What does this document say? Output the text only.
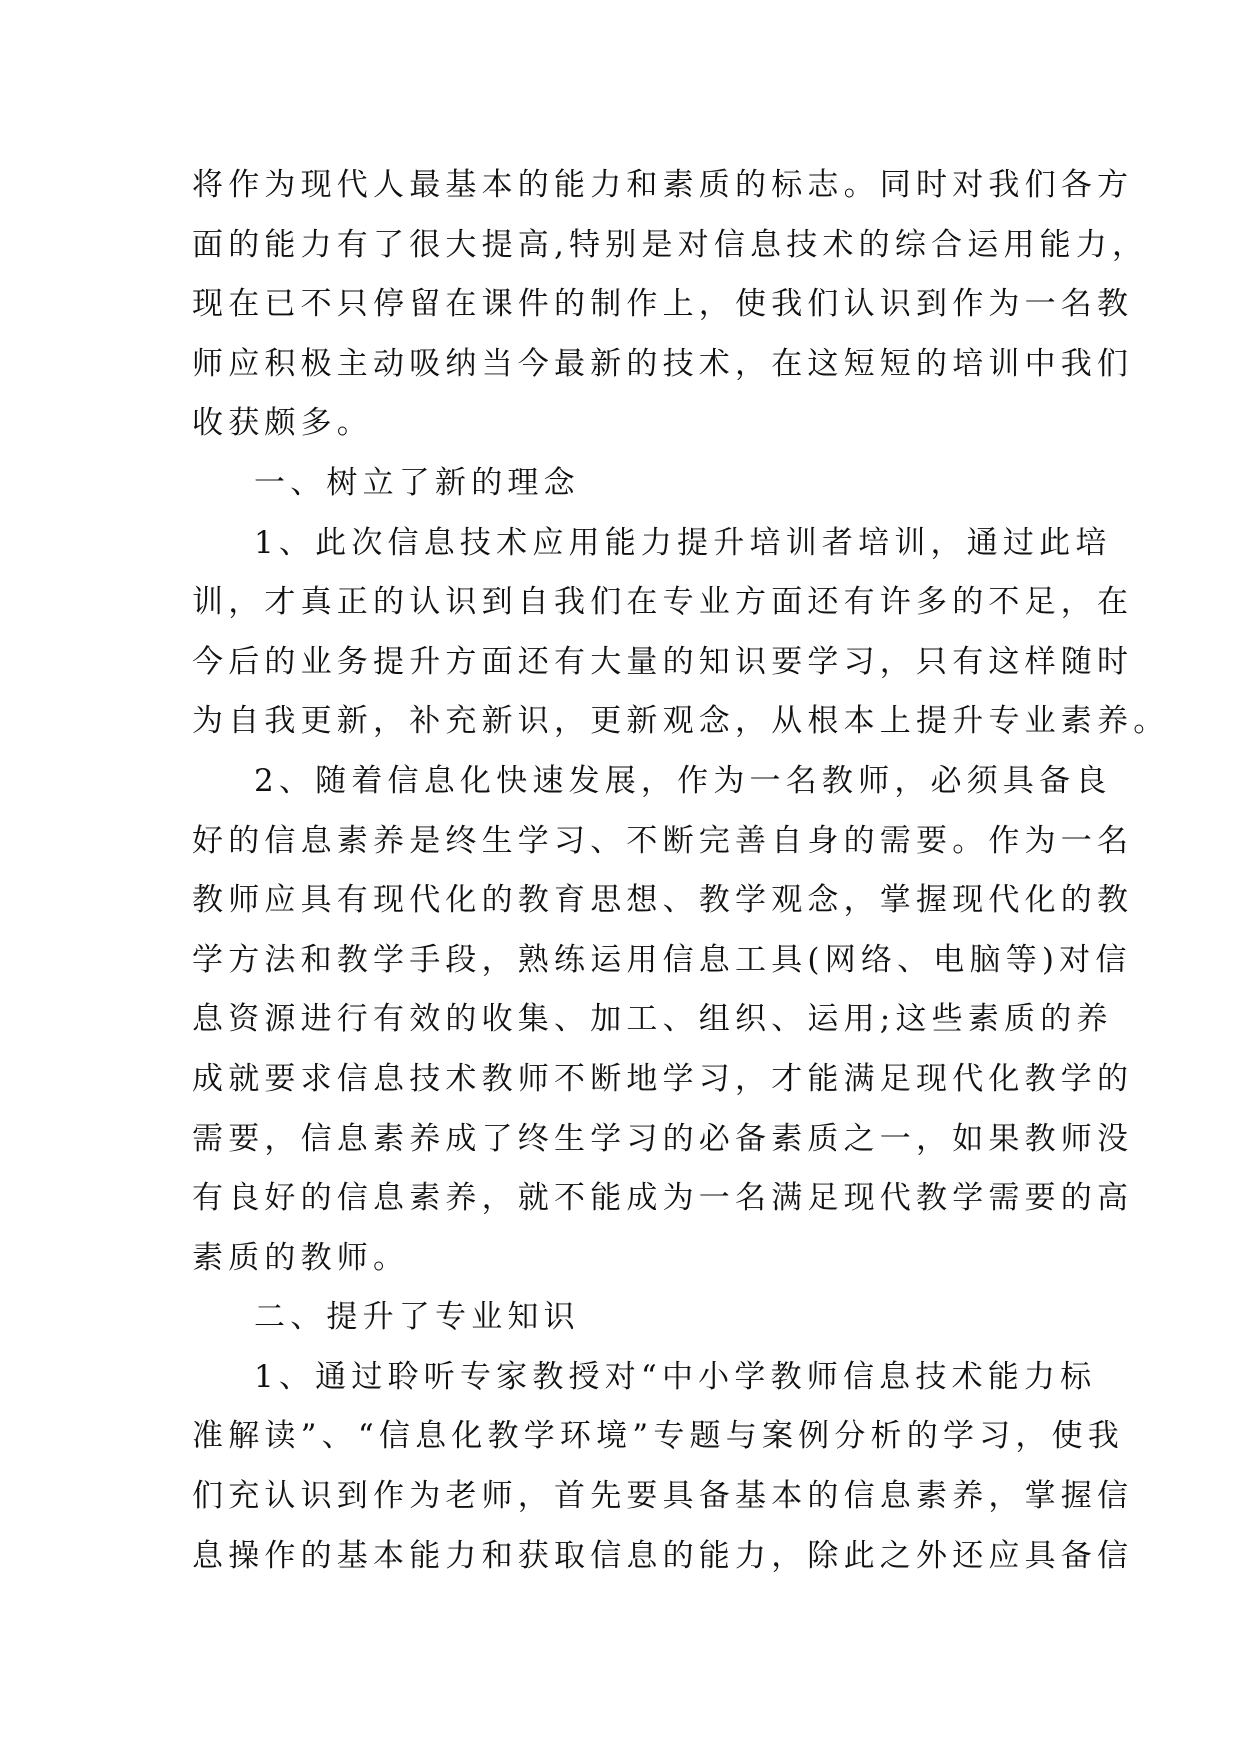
将作为现代人最基本的能力和素质的标志。同时对我们各方
面的能力有了很大提高,特别是对信息技术的综合运用能力，
现在已不只停留在课件的制作上，使我们认识到作为一名教
师应积极主动吸纳当今最新的技术，在这短短的培训中我们
收获颇多。
一、树立了新的理念
1、此次信息技术应用能力提升培训者培训，通过此培
训，才真正的认识到自我们在专业方面还有许多的不足，在
今后的业务提升方面还有大量的知识要学习，只有这样随时
为自我更新，补充新识，更新观念，从根本上提升专业素养。
2、随着信息化快速发展，作为一名教师，必须具备良
好的信息素养是终生学习、不断完善自身的需要。作为一名
教师应具有现代化的教育思想、教学观念，掌握现代化的教
学方法和教学手段，熟练运用信息工具(网络、电脑等)对信
息资源进行有效的收集、加工、组织、运用;这些素质的养
成就要求信息技术教师不断地学习，才能满足现代化教学的
需要，信息素养成了终生学习的必备素质之一，如果教师没
有良好的信息素养，就不能成为一名满足现代教学需要的高
素质的教师。
二、提升了专业知识
1、通过聆听专家教授对“中小学教师信息技术能力标
准解读”、“信息化教学环境”专题与案例分析的学习，使我
们充认识到作为老师，首先要具备基本的信息素养，掌握信
息操作的基本能力和获取信息的能力，除此之外还应具备信
